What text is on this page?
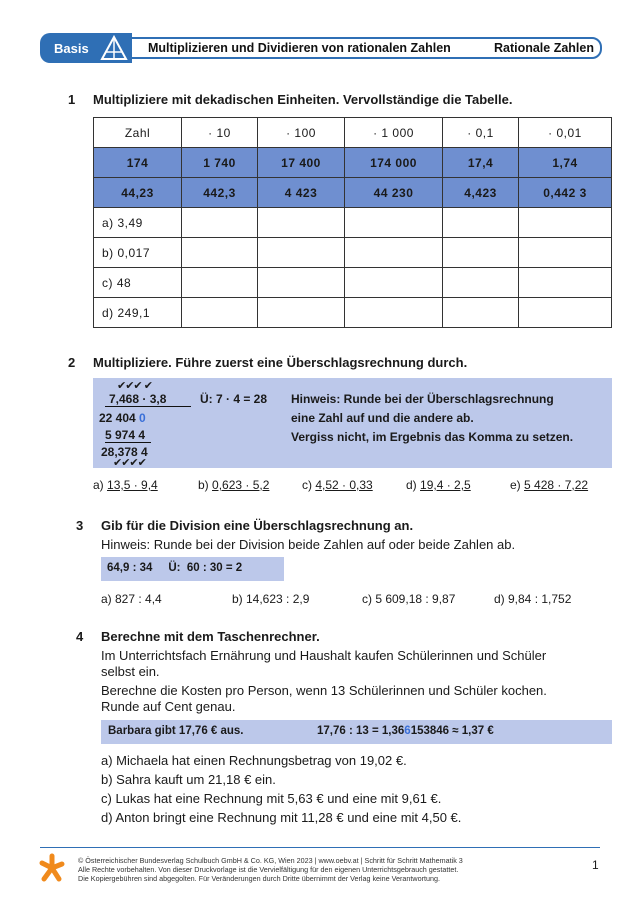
Basis	Multiplizieren und Dividieren von rationalen Zahlen	Rationale Zahlen
1 Multipliziere mit dekadischen Einheiten. Vervollständige die Tabelle.
Zahl	· 10	· 100	· 1 000	· 0,1	· 0,01
174	1 740	17 400	174 000	17,4	1,74
44,23	442,3	4 423	44 230	4,423	0,442 3
a) 3,49					
b) 0,017					
c) 48					
d) 249,1					
2 Multipliziere. Führe zuerst eine Überschlagsrechnung durch.
✔✔✔ ✔
7,468 · 3,8	Ü: 7 · 4 = 28
22 404 0
5 974 4
28,378 4
✔✔✔✔
Hinweis: Runde bei der Überschlagsrechnung
eine Zahl auf und die andere ab.
Vergiss nicht, im Ergebnis das Komma zu setzen.
a) 13,5 · 9,4	b) 0,623 · 5,2	c) 4,52 · 0,33	d) 19,4 · 2,5	e) 5 428 · 7,22
3 Gib für die Division eine Überschlagsrechnung an.
Hinweis: Runde bei der Division beide Zahlen auf oder beide Zahlen ab.
64,9 : 34     Ü:  60 : 30 = 2
a) 827 : 4,4	b) 14,623 : 2,9	c) 5 609,18 : 9,87	d) 9,84 : 1,752
4 Berechne mit dem Taschenrechner.
Im Unterrichtsfach Ernährung und Haushalt kaufen Schülerinnen und Schüler
selbst ein.
Berechne die Kosten pro Person, wenn 13 Schülerinnen und Schüler kochen.
Runde auf Cent genau.
Barbara gibt 17,76 € aus.	17,76 : 13 = 1,366153846 ≈ 1,37 €
a) Michaela hat einen Rechnungsbetrag von 19,02 €.
b) Sahra kauft um 21,18 € ein.
c) Lukas hat eine Rechnung mit 5,63 € und eine mit 9,61 €.
d) Anton bringt eine Rechnung mit 11,28 € und eine mit 4,50 €.
© Österreichischer Bundesverlag Schulbuch GmbH & Co. KG, Wien 2023 | www.oebv.at | Schritt für Schritt Mathematik 3
Alle Rechte vorbehalten. Von dieser Druckvorlage ist die Vervielfältigung für den eigenen Unterrichtsgebrauch gestattet.
Die Kopiergebühren sind abgegolten. Für Veränderungen durch Dritte übernimmt der Verlag keine Verantwortung.
1
